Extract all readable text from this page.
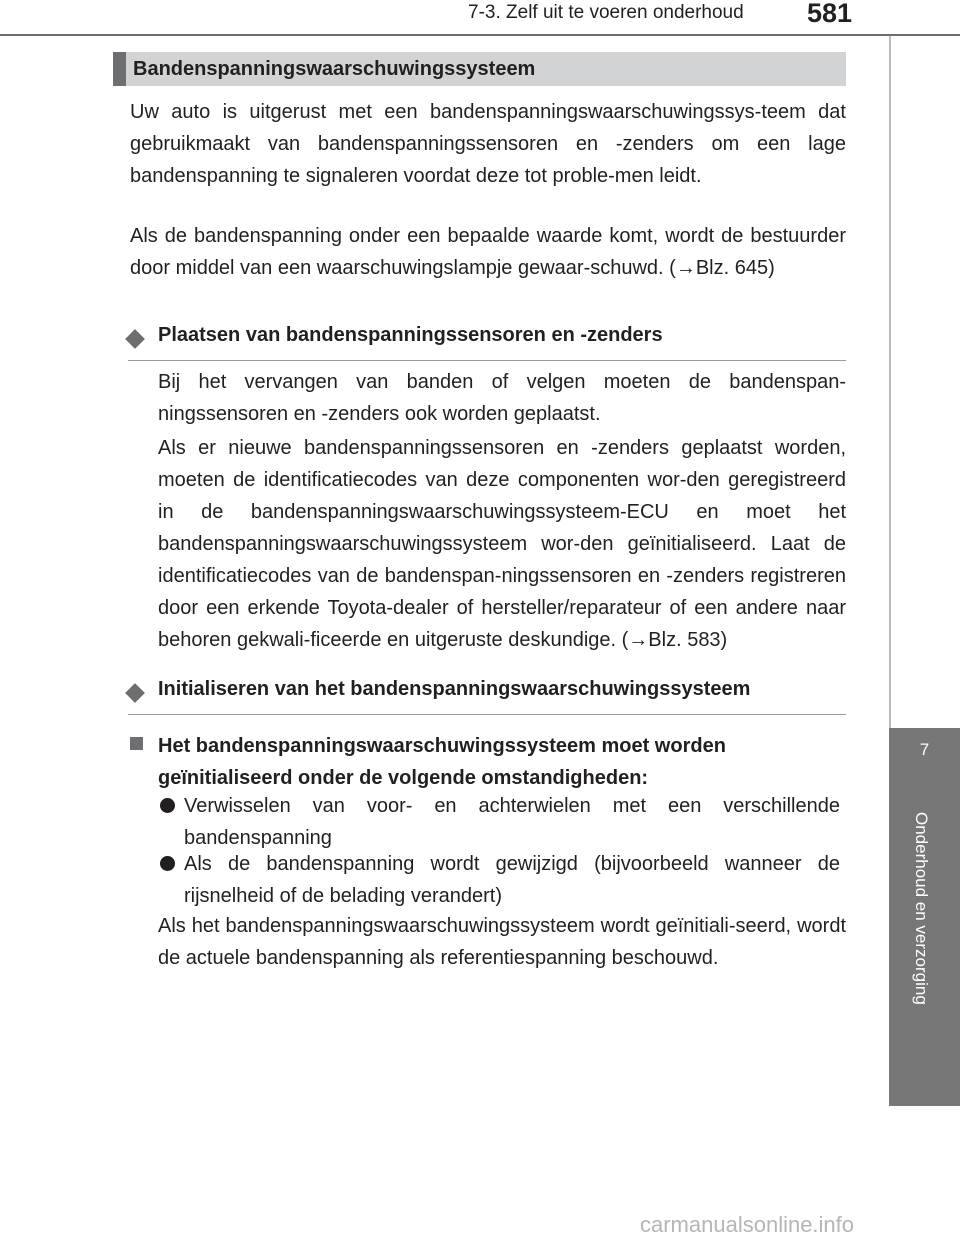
7-3. Zelf uit te voeren onderhoud 581
7
Onderhoud en verzorging
Bandenspanningswaarschuwingssysteem

Uw auto is uitgerust met een bandenspanningswaarschuwingssys-teem dat gebruikmaakt van bandenspanningssensoren en -zenders om een lage bandenspanning te signaleren voordat deze tot proble-men leidt.

Als de bandenspanning onder een bepaalde waarde komt, wordt de bestuurder door middel van een waarschuwingslampje gewaar-schuwd. (→Blz. 645)

Plaatsen van bandenspanningssensoren en -zenders

Bij het vervangen van banden of velgen moeten de bandenspan-ningssensoren en -zenders ook worden geplaatst.

Als er nieuwe bandenspanningssensoren en -zenders geplaatst worden, moeten de identificatiecodes van deze componenten wor-den geregistreerd in de bandenspanningswaarschuwingssysteem-ECU en moet het bandenspanningswaarschuwingssysteem wor-den geïnitialiseerd. Laat de identificatiecodes van de bandenspan-ningssensoren en -zenders registreren door een erkende Toyota-dealer of hersteller/reparateur of een andere naar behoren gekwali-ficeerde en uitgeruste deskundige. (→Blz. 583)

Initialiseren van het bandenspanningswaarschuwingssysteem
Het bandenspanningswaarschuwingssysteem moet worden geïnitialiseerd onder de volgende omstandigheden:
Verwisselen van voor- en achterwielen met een verschillende bandenspanning
Als de bandenspanning wordt gewijzigd (bijvoorbeeld wanneer de rijsnelheid of de belading verandert)

Als het bandenspanningswaarschuwingssysteem wordt geïnitiali-seerd, wordt de actuele bandenspanning als referentiespanning beschouwd.

carmanualsonline.info
